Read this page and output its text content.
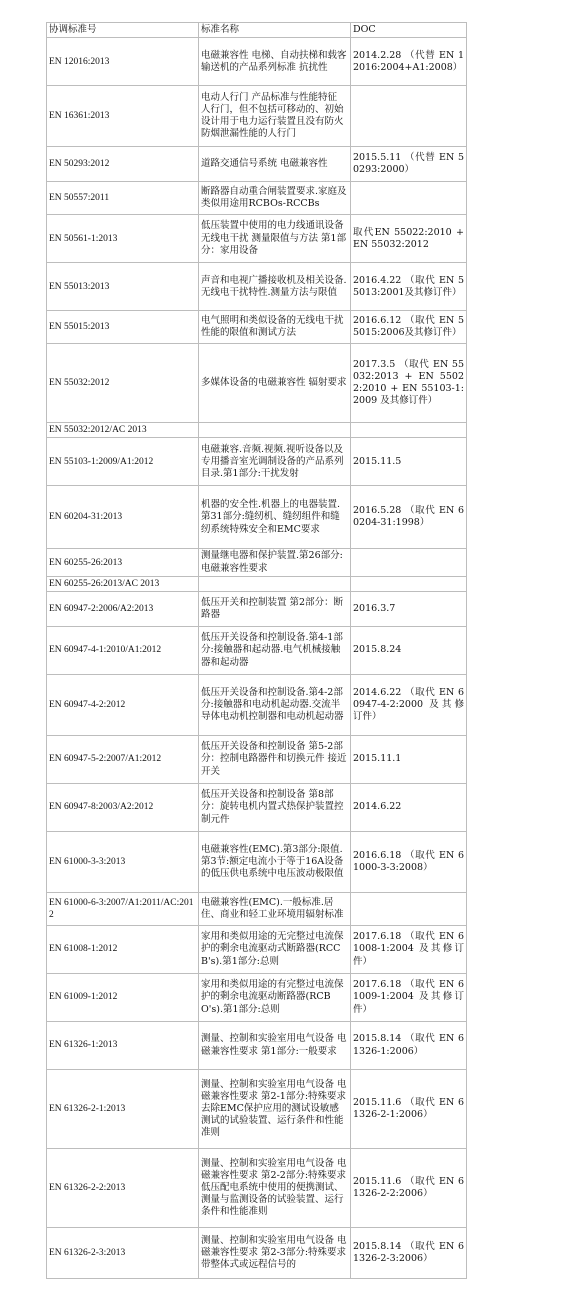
协调标准号	标准名称	DOC
EN 12016:2013	电磁兼容性 电梯、自动扶梯和载客输送机的产品系列标准 抗扰性	2014.2.28 （代替 EN 12016:2004+A1:2008）
EN 16361:2013	电动人行门 产品标准与性能特征 人行门，但不包括可移动的、初始设计用于电力运行装置且没有防火防烟泄漏性能的人行门	
EN 50293:2012	道路交通信号系统 电磁兼容性	2015.5.11 （代替 EN 50293:2000）
EN 50557:2011	断路器自动重合闸装置要求.家庭及类似用途用RCBOs-RCCBs	
EN 50561-1:2013	低压装置中使用的电力线通讯设备 无线电干扰 测量限值与方法 第1部分：家用设备	取代EN 55022:2010 + EN 55032:2012
EN 55013:2013	声音和电视广播接收机及相关设备.无线电干扰特性.测量方法与限值	2016.4.22 （取代 EN 55013:2001及其修订件）
EN 55015:2013	电气照明和类似设备的无线电干扰性能的限值和测试方法	2016.6.12 （取代 EN 55015:2006及其修订件）
EN 55032:2012	多媒体设备的电磁兼容性 辐射要求	2017.3.5 （取代 EN 55032:2013 + EN 55022:2010 + EN 55103-1:2009 及其修订件）
EN 55032:2012/AC 2013		
EN 55103-1:2009/A1:2012	电磁兼容.音频.视频.视听设备以及专用播音室光调制设备的产品系列目录.第1部分:干扰发射	2015.11.5
EN 60204-31:2013	机器的安全性.机器上的电器装置.第31部分:缝纫机、缝纫组件和缝纫系统特殊安全和EMC要求	2016.5.28 （取代 EN 60204-31:1998）
EN 60255-26:2013	测量继电器和保护装置.第26部分:电磁兼容性要求	
EN 60255-26:2013/AC 2013		
EN 60947-2:2006/A2:2013	低压开关和控制装置 第2部分：断路器	2016.3.7
EN 60947-4-1:2010/A1:2012	低压开关设备和控制设备.第4-1部分:接触器和起动器.电气机械接触器和起动器	2015.8.24
EN 60947-4-2:2012	低压开关设备和控制设备.第4-2部分:接触器和电动机起动器.交流半导体电动机控制器和电动机起动器	2014.6.22 （取代 EN 60947-4-2:2000 及其修订件）
EN 60947-5-2:2007/A1:2012	低压开关设备和控制设备 第5-2部分：控制电路器件和切换元件 接近开关	2015.11.1
EN 60947-8:2003/A2:2012	低压开关设备和控制设备 第8部分：旋转电机内置式热保护装置控制元件	2014.6.22
EN 61000-3-3:2013	电磁兼容性(EMC).第3部分:限值.第3节:额定电流小于等于16A设备的低压供电系统中电压波动极限值	2016.6.18 （取代 EN 61000-3-3:2008）
EN 61000-6-3:2007/A1:2011/AC:2012	电磁兼容性(EMC).一般标准.居住、商业和轻工业环境用辐射标准	
EN 61008-1:2012	家用和类似用途的无完整过电流保护的剩余电流驱动式断路器(RCCB's).第1部分:总则	2017.6.18 （取代 EN 61008-1:2004 及其修订件）
EN 61009-1:2012	家用和类似用途的有完整过电流保护的剩余电流驱动断路器(RCBO's).第1部分:总则	2017.6.18 （取代 EN 61009-1:2004 及其修订件）
EN 61326-1:2013	测量、控制和实验室用电气设备 电磁兼容性要求 第1部分:一般要求	2015.8.14 （取代 EN 61326-1:2006）
EN 61326-2-1:2013	测量、控制和实验室用电气设备 电磁兼容性要求 第2-1部分:特殊要求 去除EMC保护应用的测试设敏感测试的试验装置、运行条件和性能准则	2015.11.6 （取代 EN 61326-2-1:2006）
EN 61326-2-2:2013	测量、控制和实验室用电气设备 电磁兼容性要求 第2-2部分:特殊要求 低压配电系统中使用的便携测试、测量与监测设备的试验装置、运行条件和性能准则	2015.11.6 （取代 EN 61326-2-2:2006）
EN 61326-2-3:2013	测量、控制和实验室用电气设备 电磁兼容性要求 第2-3部分:特殊要求 带整体式或远程信号的	2015.8.14 （取代 EN 61326-2-3:2006）
